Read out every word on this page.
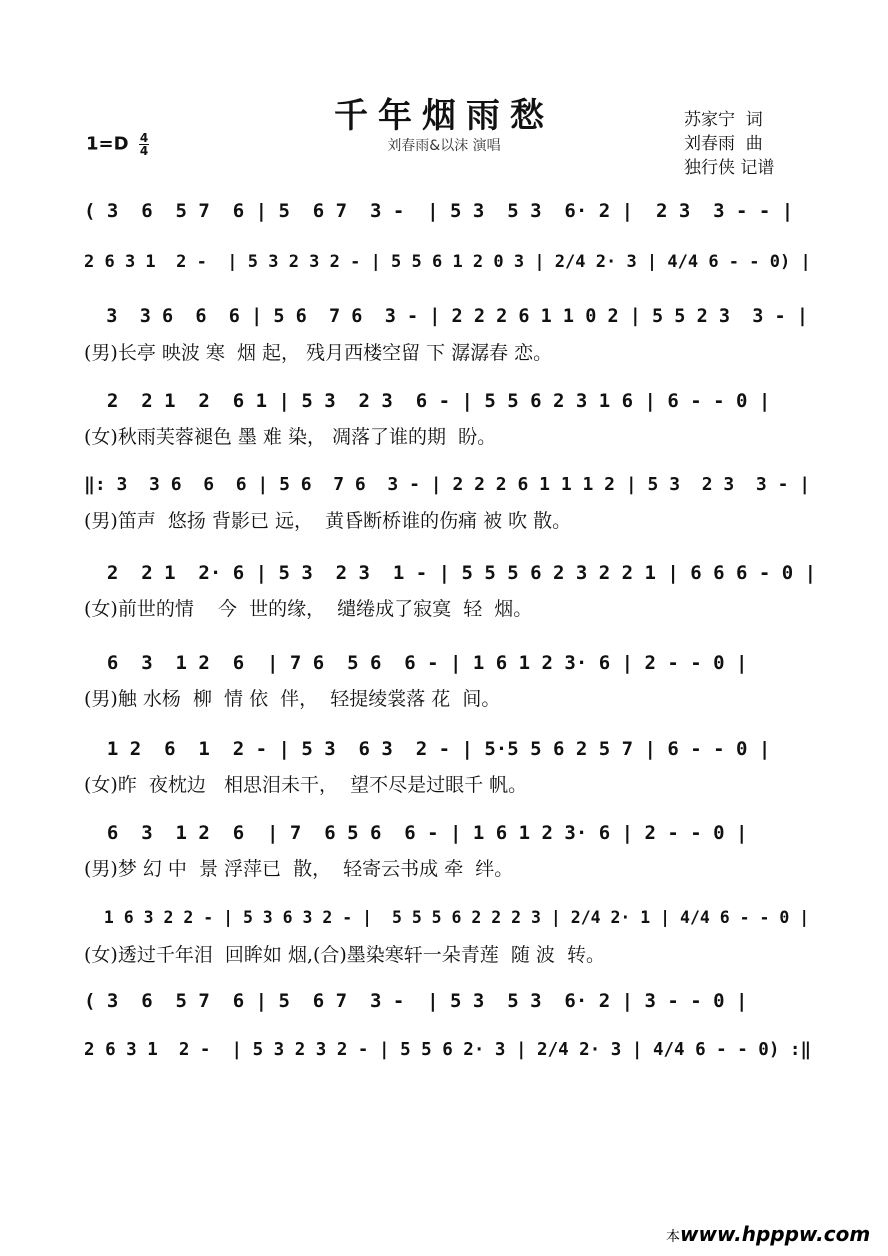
千年烟雨愁
刘春雨&以沫 演唱
$1=D \frac{4}{4}$
苏家宁  词
刘春雨  曲
独行侠 记谱
( 3  6  5 7  6 | 5  6 7  3 -  | 5 3  5 3  6· 2 |  2 3  3 - - |
2 6 3 1  2 -  | 5 3 2 3 2 - | 5 5 6 1 2 0 3 | 2/4 2· 3 | 4/4 6 - - 0) |
3  3 6  6  6 | 5 6  7 6  3 - | 2 2 2 6 1 1 0 2 | 5 5 2 3  3 - |
(男)长亭 映波 寒  烟 起， 残月西楼空留 下 潺潺春 恋。
2  2 1  2  6 1 | 5 3  2 3  6 - | 5 5 6 2 3 1 6 | 6 - - 0 |
(女)秋雨芙蓉褪色 墨 难 染， 凋落了谁的期  盼。
‖: 3  3 6  6  6 | 5 6  7 6  3 - | 2 2 2 6 1 1 1 2 | 5 3  2 3  3 - |
(男)笛声  悠扬 背影已 远，  黄昏断桥谁的伤痛 被 吹 散。
2  2 1  2· 6 | 5 3  2 3  1 - | 5 5 5 6 2 3 2 2 1 | 6 6 6 - 0 |
(女)前世的情    今  世的缘，  缱绻成了寂寞  轻  烟。
6  3  1 2  6  | 7 6  5 6  6 - | 1 6 1 2 3· 6 | 2 - - 0 |
(男)触 水杨  柳  情 依  伴，  轻提绫裳落 花  间。
1 2  6  1  2 - | 5 3  6 3  2 - | 5·5 5 6 2 5 7 | 6 - - 0 |
(女)昨  夜枕边   相思泪未干，  望不尽是过眼千 帆。
6  3  1 2  6  | 7  6 5 6  6 - | 1 6 1 2 3· 6 | 2 - - 0 |
(男)梦 幻 中  景 浮萍已  散，  轻寄云书成 牵  绊。
1 6 3 2 2 - | 5 3 6 3 2 - |  5 5 5 6 2 2 2 3 | 2/4 2· 1 | 4/4 6 - - 0 |
(女)透过千年泪  回眸如 烟,(合)墨染寒轩一朵青莲  随 波  转。
( 3  6  5 7  6 | 5  6 7  3 -  | 5 3  5 3  6· 2 | 3 - - 0 |
2 6 3 1  2 -  | 5 3 2 3 2 - | 5 5 6 2· 3 | 2/4 2· 3 | 4/4 6 - - 0) :‖
本www.hpppw.com
